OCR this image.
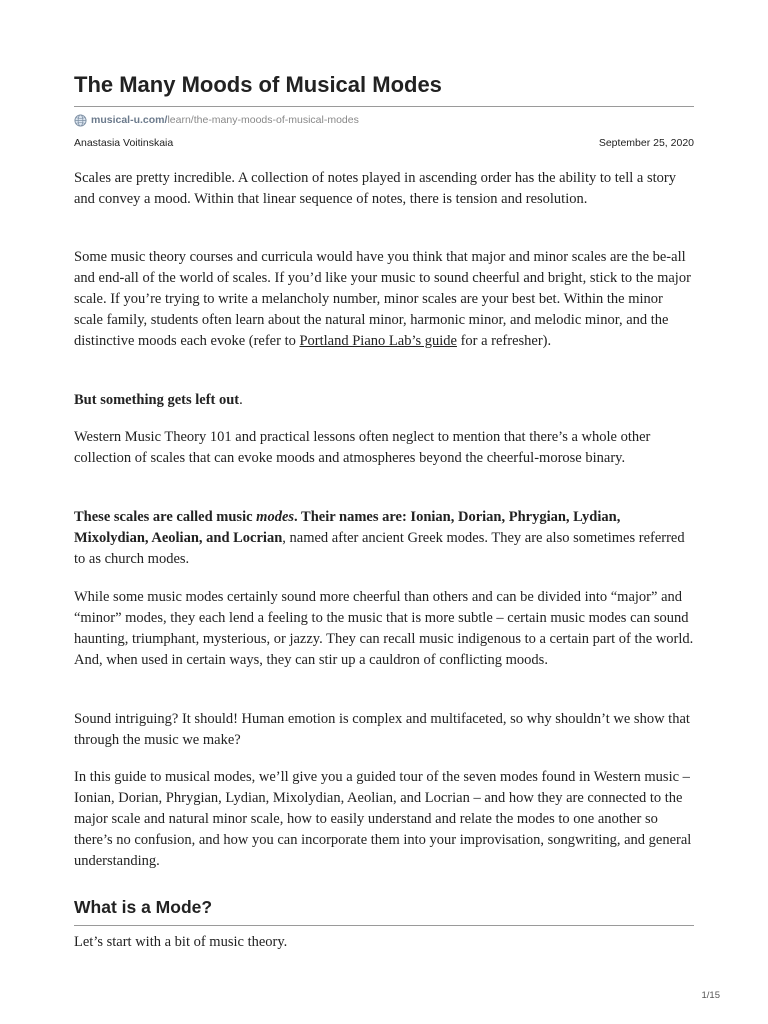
The Many Moods of Musical Modes
musical-u.com/ learn/the-many-moods-of-musical-modes
Anastasia Voitinskaia	September 25, 2020

Scales are pretty incredible. A collection of notes played in ascending order has the ability to tell a story and convey a mood. Within that linear sequence of notes, there is tension and resolution.

Some music theory courses and curricula would have you think that major and minor scales are the be-all and end-all of the world of scales. If you’d like your music to sound cheerful and bright, stick to the major scale. If you’re trying to write a melancholy number, minor scales are your best bet. Within the minor scale family, students often learn about the natural minor, harmonic minor, and melodic minor, and the distinctive moods each evoke (refer to Portland Piano Lab’s guide for a refresher).

But something gets left out.

Western Music Theory 101 and practical lessons often neglect to mention that there’s a whole other collection of scales that can evoke moods and atmospheres beyond the cheerful-morose binary.

These scales are called music modes. Their names are: Ionian, Dorian, Phrygian, Lydian, Mixolydian, Aeolian, and Locrian, named after ancient Greek modes. They are also sometimes referred to as church modes.

While some music modes certainly sound more cheerful than others and can be divided into “major” and “minor” modes, they each lend a feeling to the music that is more subtle – certain music modes can sound haunting, triumphant, mysterious, or jazzy. They can recall music indigenous to a certain part of the world. And, when used in certain ways, they can stir up a cauldron of conflicting moods.

Sound intriguing? It should! Human emotion is complex and multifaceted, so why shouldn’t we show that through the music we make?

In this guide to musical modes, we’ll give you a guided tour of the seven modes found in Western music – Ionian, Dorian, Phrygian, Lydian, Mixolydian, Aeolian, and Locrian – and how they are connected to the major scale and natural minor scale, how to easily understand and relate the modes to one another so there’s no confusion, and how you can incorporate them into your improvisation, songwriting, and general understanding.

What is a Mode?

Let’s start with a bit of music theory.

1/15
